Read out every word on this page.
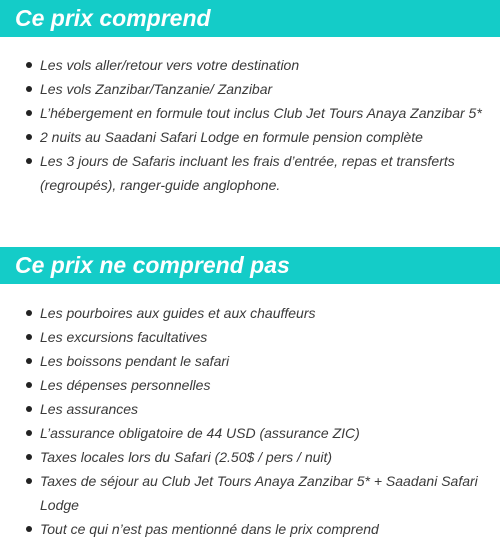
Ce prix comprend
Les vols aller/retour vers votre destination
Les vols Zanzibar/Tanzanie/ Zanzibar
L’hébergement en formule tout inclus Club Jet Tours Anaya Zanzibar 5*
2 nuits au Saadani Safari Lodge en formule pension complète
Les 3 jours de Safaris incluant les frais d’entrée, repas et transferts (regroupés), ranger-guide anglophone.
Ce prix ne comprend pas
Les pourboires aux guides et aux chauffeurs
Les excursions facultatives
Les boissons pendant le safari
Les dépenses personnelles
Les assurances
L’assurance obligatoire de 44 USD (assurance ZIC)
Taxes locales lors du Safari (2.50$ / pers / nuit)
Taxes de séjour au Club Jet Tours Anaya Zanzibar 5* + Saadani Safari Lodge
Tout ce qui n’est pas mentionné dans le prix comprend
